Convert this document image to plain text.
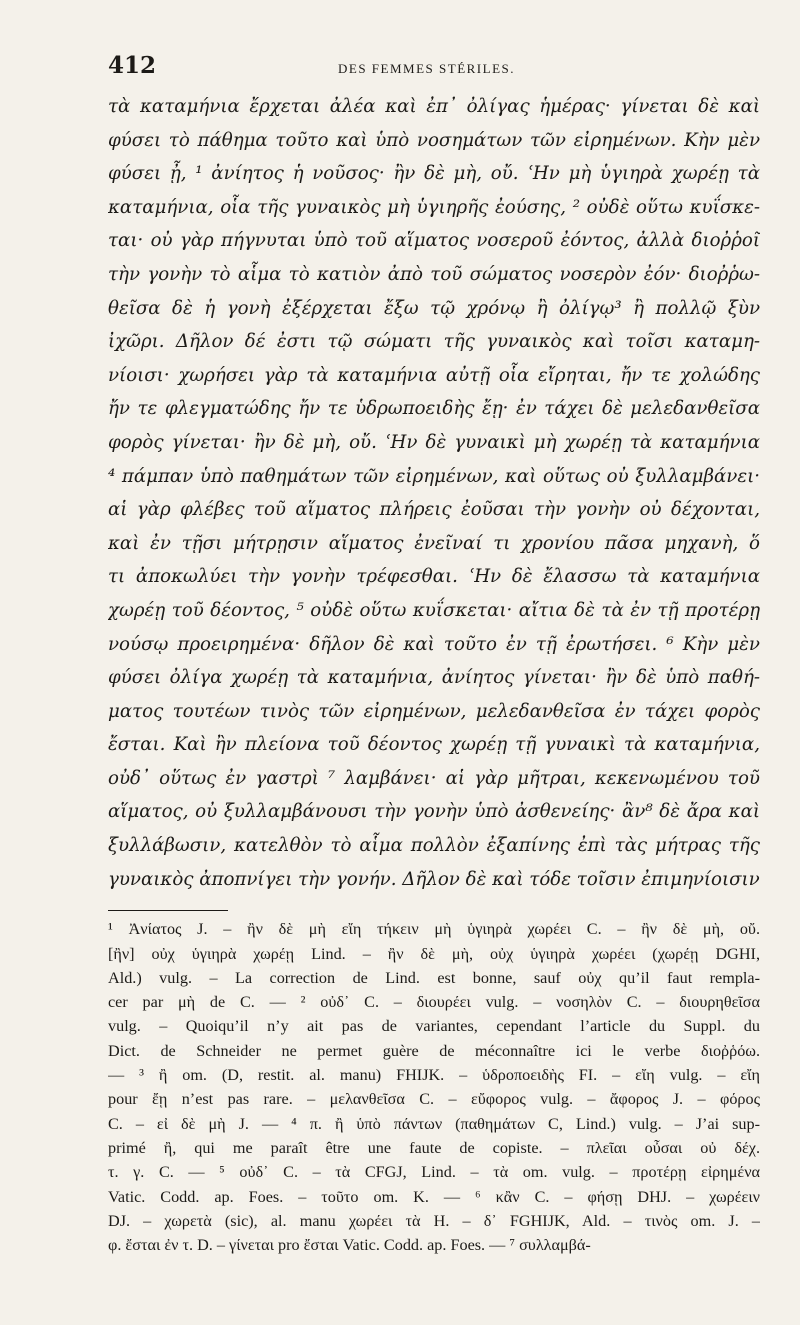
412	DES FEMMES STÉRILES.
τὰ καταμήνια ἔρχεται ἀλέα καὶ ἐπ᾽ ὀλίγας ἡμέρας· γίνεται δὲ καὶ
φύσει τὸ πάθημα τοῦτο καὶ ὑπὸ νοσημάτων τῶν εἰρημένων. Κὴν μὲν
φύσει ᾖ, ¹ ἀνίητος ἡ νοῦσος· ἢν δὲ μὴ, οὔ. ʿΗν μὴ ὑγιηρὰ χωρέῃ τὰ
καταμήνια, οἷα τῆς γυναικὸς μὴ ὑγιηρῆς ἐούσης, ² οὐδὲ οὕτω κυΐσκε-
ται· οὐ γὰρ πήγνυται ὑπὸ τοῦ αἵματος νοσεροῦ ἐόντος, ἀλλὰ διοῤῥοῖ
τὴν γονὴν τὸ αἷμα τὸ κατιὸν ἀπὸ τοῦ σώματος νοσερὸν ἐόν· διοῤῥω-
θεῖσα δὲ ἡ γονὴ ἐξέρχεται ἔξω τῷ χρόνῳ ἢ ὀλίγῳ³ ἢ πολλῷ ξὺν
ἰχῶρι. Δῆλον δέ ἐστι τῷ σώματι τῆς γυναικὸς καὶ τοῖσι καταμη-
νίοισι· χωρήσει γὰρ τὰ καταμήνια αὐτῇ οἷα εἴρηται, ἤν τε χολώδης
ἤν τε φλεγματώδης ἤν τε ὑδρωποειδὴς ἔῃ· ἐν τάχει δὲ μελεδανθεῖσα
φορὸς γίνεται· ἢν δὲ μὴ, οὔ. ʿΗν δὲ γυναικὶ μὴ χωρέῃ τὰ καταμήνια
⁴ πάμπαν ὑπὸ παθημάτων τῶν εἰρημένων, καὶ οὕτως οὐ ξυλλαμβάνει·
αἱ γὰρ φλέβες τοῦ αἵματος πλήρεις ἐοῦσαι τὴν γονὴν οὐ δέχονται,
καὶ ἐν τῇσι μήτρῃσιν αἵματος ἐνεῖναί τι χρονίου πᾶσα μηχανὴ, ὅ
τι ἀποκωλύει τὴν γονὴν τρέφεσθαι. ʿΗν δὲ ἔλασσω τὰ καταμήνια
χωρέῃ τοῦ δέοντος, ⁵ οὐδὲ οὕτω κυΐσκεται· αἴτια δὲ τὰ ἐν τῇ προτέρῃ
νούσῳ προειρημένα· δῆλον δὲ καὶ τοῦτο ἐν τῇ ἐρωτήσει. ⁶ Κὴν μὲν
φύσει ὀλίγα χωρέῃ τὰ καταμήνια, ἀνίητος γίνεται· ἢν δὲ ὑπὸ παθή-
ματος τουτέων τινὸς τῶν εἰρημένων, μελεδανθεῖσα ἐν τάχει φορὸς
ἔσται. Καὶ ἢν πλείονα τοῦ δέοντος χωρέῃ τῇ γυναικὶ τὰ καταμήνια,
οὐδ᾽ οὕτως ἐν γαστρὶ ⁷ λαμβάνει· αἱ γὰρ μῆτραι, κεκενωμένου τοῦ
αἵματος, οὐ ξυλλαμβάνουσι τὴν γονὴν ὑπὸ ἀσθενείης· ἂν⁸ δὲ ἄρα καὶ
ξυλλάβωσιν, κατελθὸν τὸ αἷμα πολλὸν ἐξαπίνης ἐπὶ τὰς μήτρας τῆς
γυναικὸς ἀποπνίγει τὴν γονήν. Δῆλον δὲ καὶ τόδε τοῖσιν ἐπιμηνίοισιν
¹ Ἀνίατος J. – ἢν δὲ μὴ εἴη τήκειν μὴ ὑγιηρὰ χωρέει C. – ἢν δὲ μὴ, οὔ.
[ἢν] οὐχ ὑγιηρὰ χωρέῃ Lind. – ἢν δὲ μὴ, οὐχ ὑγιηρὰ χωρέει (χωρέῃ DGHI,
Ald.) vulg. – La correction de Lind. est bonne, sauf οὐχ qu’il faut rempla-
cer par μὴ de C. — ² οὐδ᾽ C. – διουρέει vulg. – νοσηλὸν C. – διουρηθεῖσα
vulg. – Quoiqu’il n’y ait pas de variantes, cependant l’article du Suppl. du
Dict. de Schneider ne permet guère de méconnaître ici le verbe διοῤῥόω.
— ³ ἢ om. (D, restit. al. manu) FHIJK. – ὑδροποειδὴς FI. – εἴη vulg. – εἴη
pour ἔῃ n’est pas rare. – μελανθεῖσα C. – εὔφορος vulg. – ἄφορος J. – φόρος
C. – εἰ δὲ μὴ J. — ⁴ π. ἢ ὑπὸ πάντων (παθημάτων C, Lind.) vulg. – J’ai sup-
primé ἢ, qui me paraît être une faute de copiste. – πλεῖαι οὖσαι οὐ δέχ.
τ. γ. C. — ⁵ οὐδ᾽ C. – τὰ CFGJ, Lind. – τὰ om. vulg. – προτέρῃ εἰρημένα
Vatic. Codd. ap. Foes. – τοῦτο om. K. — ⁶ κἂν C. – φήσῃ DHJ. – χωρέειν
DJ. – χωρετὰ (sic), al. manu χωρέει τὰ H. – δ᾽ FGHIJK, Ald. – τινὸς om. J. –
φ. ἔσται ἐν τ. D. – γίνεται pro ἔσται Vatic. Codd. ap. Foes. — ⁷ συλλαμβά-
